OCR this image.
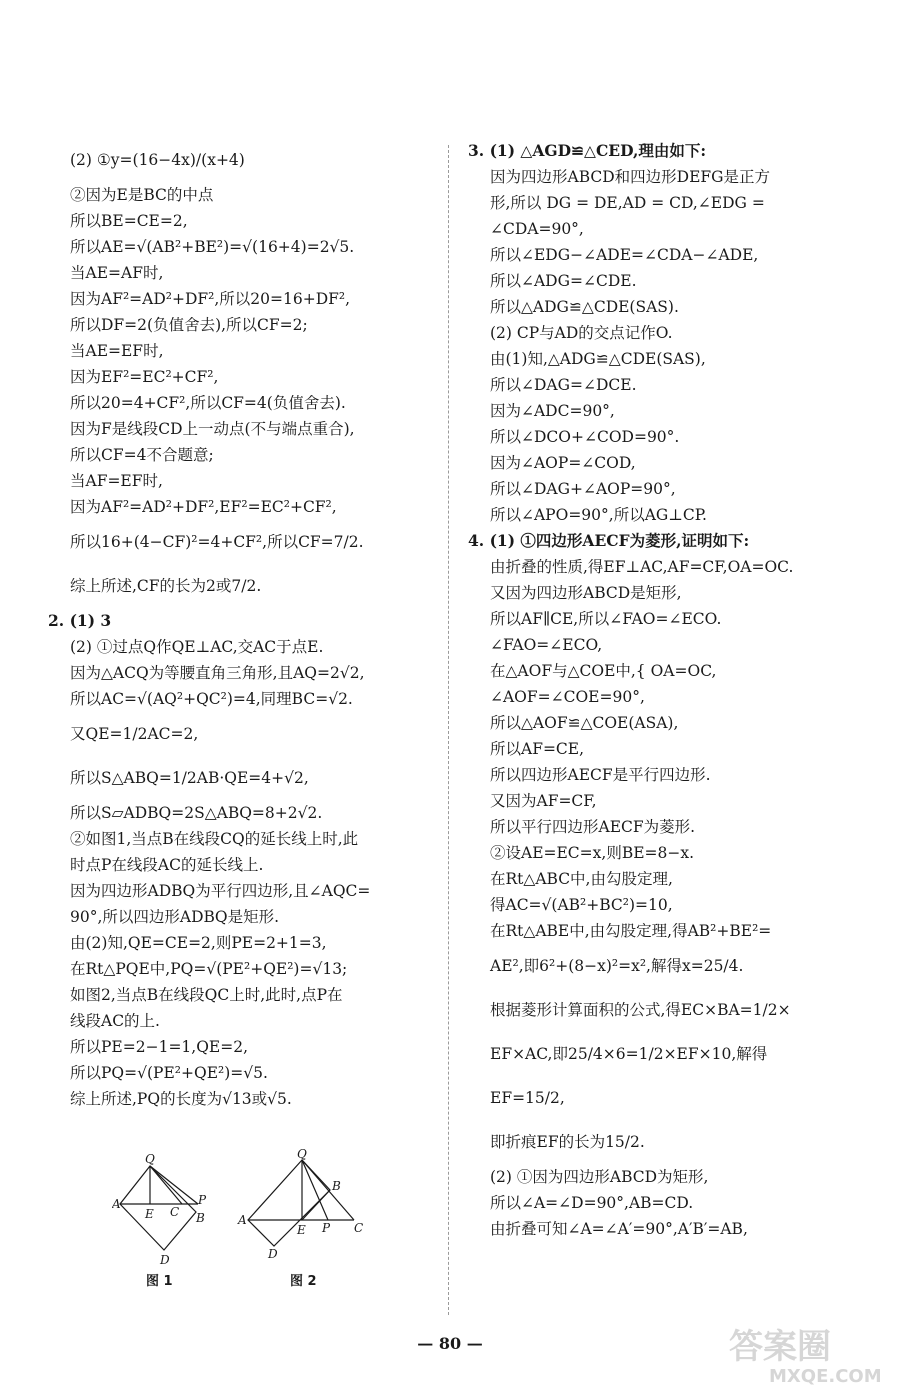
(2) ①y=(16−4x)/(x+4)
②因为E是BC的中点
所以BE=CE=2,
所以AE=√(AB²+BE²)=√(16+4)=2√5.
当AE=AF时,
因为AF²=AD²+DF²,所以20=16+DF²,
所以DF=2(负值舍去),所以CF=2;
当AE=EF时,
因为EF²=EC²+CF²,
所以20=4+CF²,所以CF=4(负值舍去).
因为F是线段CD上一动点(不与端点重合),
所以CF=4不合题意;
当AF=EF时,
因为AF²=AD²+DF²,EF²=EC²+CF²,
所以16+(4−CF)²=4+CF²,所以CF=7/2.
综上所述,CF的长为2或7/2.
2. (1) 3
(2) ①过点Q作QE⊥AC,交AC于点E.
因为△ACQ为等腰直角三角形,且AQ=2√2,
所以AC=√(AQ²+QC²)=4,同理BC=√2.
又QE=1/2AC=2,
所以S△ABQ=1/2AB·QE=4+√2,
所以S▱ADBQ=2S△ABQ=8+2√2.
②如图1,当点B在线段CQ的延长线上时,此
时点P在线段AC的延长线上.
因为四边形ADBQ为平行四边形,且∠AQC=
90°,所以四边形ADBQ是矩形.
由(2)知,QE=CE=2,则PE=2+1=3,
在Rt△PQE中,PQ=√(PE²+QE²)=√13;
如图2,当点B在线段QC上时,此时,点P在
线段AC的上.
所以PE=2−1=1,QE=2,
所以PQ=√(PE²+QE²)=√5.
综上所述,PQ的长度为√13或√5.
3. (1) △AGD≌△CED,理由如下:
因为四边形ABCD和四边形DEFG是正方
形,所以 DG = DE,AD = CD,∠EDG =
∠CDA=90°,
所以∠EDG−∠ADE=∠CDA−∠ADE,
所以∠ADG=∠CDE.
所以△ADG≌△CDE(SAS).
(2) CP与AD的交点记作O.
由(1)知,△ADG≌△CDE(SAS),
所以∠DAG=∠DCE.
因为∠ADC=90°,
所以∠DCO+∠COD=90°.
因为∠AOP=∠COD,
所以∠DAG+∠AOP=90°,
所以∠APO=90°,所以AG⊥CP.
4. (1) ①四边形AECF为菱形,证明如下:
由折叠的性质,得EF⊥AC,AF=CF,OA=OC.
又因为四边形ABCD是矩形,
所以AF∥CE,所以∠FAO=∠ECO.
∠FAO=∠ECO,
在△AOF与△COE中,{ OA=OC,
∠AOF=∠COE=90°,
所以△AOF≌△COE(ASA),
所以AF=CE,
所以四边形AECF是平行四边形.
又因为AF=CF,
所以平行四边形AECF为菱形.
②设AE=EC=x,则BE=8−x.
在Rt△ABC中,由勾股定理,
得AC=√(AB²+BC²)=10,
在Rt△ABE中,由勾股定理,得AB²+BE²=
AE²,即6²+(8−x)²=x²,解得x=25/4.
根据菱形计算面积的公式,得EC×BA=1/2×
EF×AC,即25/4×6=1/2×EF×10,解得
EF=15/2,
即折痕EF的长为15/2.
(2) ①因为四边形ABCD为矩形,
所以∠A=∠D=90°,AB=CD.
由折叠可知∠A=∠A′=90°,A′B′=AB,
Q
A
E C
P
B
D
图 1
Q
A
E P
B
C
D
图 2
— 80 —	答案圈
MXQE.COM
